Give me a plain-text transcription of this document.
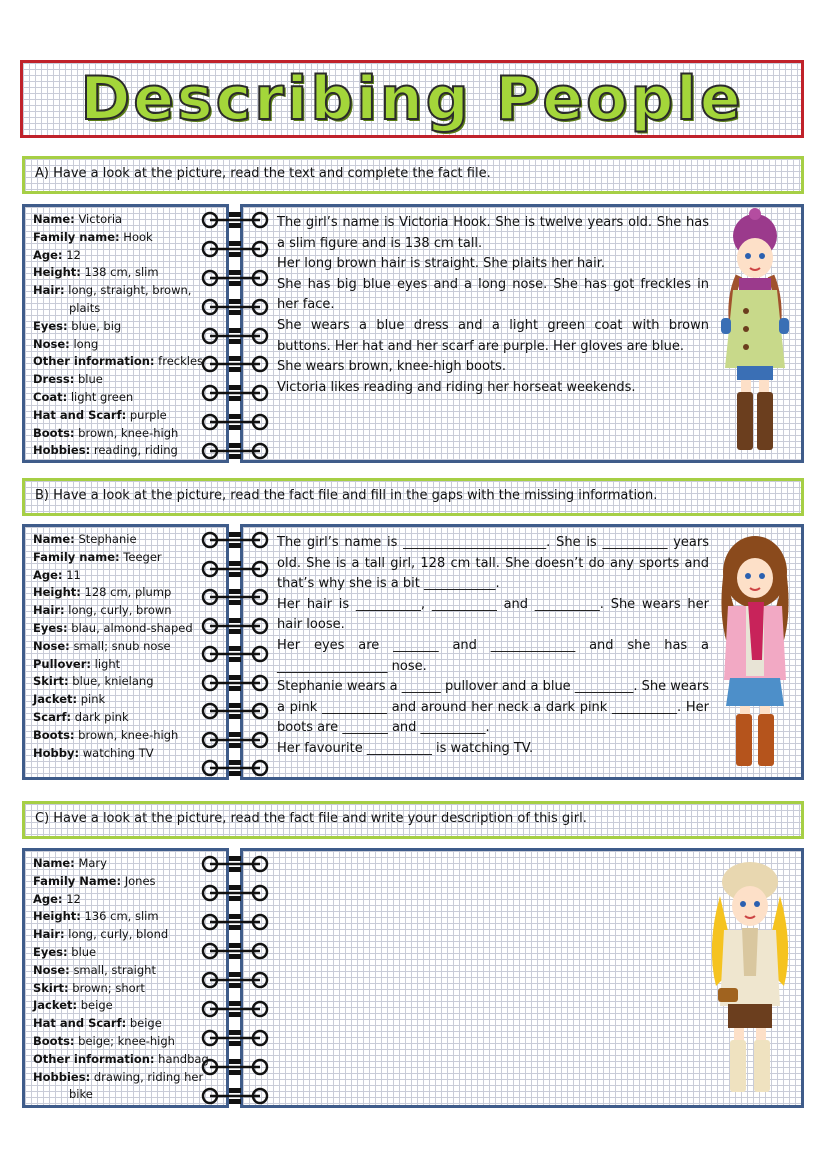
Describing People
A) Have a look at the picture, read the text and complete the fact file.
Name: Victoria
Family name: Hook
Age: 12
Height: 138 cm, slim
Hair: long, straight, brown,
plaits
Eyes: blue, big
Nose: long
Other information: freckles
Dress: blue
Coat: light green
Hat and Scarf: purple
Boots: brown, knee-high
Hobbies: reading, riding

The girl’s name is Victoria Hook. She is twelve years old. She has a slim figure and is 138 cm tall.

Her long brown hair is straight. She plaits her hair.

She has big blue eyes and a long nose. She has got freckles in her face.

She wears a blue dress and a light green coat with brown buttons. Her hat and her scarf are purple. Her gloves are blue.

She wears brown, knee-high boots.

Victoria likes reading and riding her horseat weekends.

B) Have a look at the picture, read the fact file and fill in the gaps with the missing information.
Name: Stephanie
Family name: Teeger
Age: 11
Height: 128 cm, plump
Hair: long, curly, brown
Eyes: blau, almond-shaped
Nose: small; snub nose
Pullover: light
Skirt: blue, knielang
Jacket: pink
Scarf: dark pink
Boots: brown, knee-high
Hobby: watching TV

The girl’s name is ______________________. She is __________ years old. She is a tall girl, 128 cm tall. She doesn’t do any sports and that’s why she is a bit ___________.

Her hair is __________, __________ and __________. She wears her hair loose.

Her eyes are _______ and _____________ and she has a _________________ nose.

Stephanie wears a ______ pullover and a blue _________. She wears a pink __________ and around her neck a dark pink __________. Her boots are _______ and __________.

Her favourite __________ is watching TV.

C) Have a look at the picture, read the fact file and write your description of this girl.
Name: Mary
Family Name: Jones
Age: 12
Height: 136 cm, slim
Hair: long, curly, blond
Eyes: blue
Nose: small, straight
Skirt: brown; short
Jacket: beige
Hat and Scarf: beige
Boots: beige; knee-high
Other information: handbag
Hobbies: drawing, riding her
bike
